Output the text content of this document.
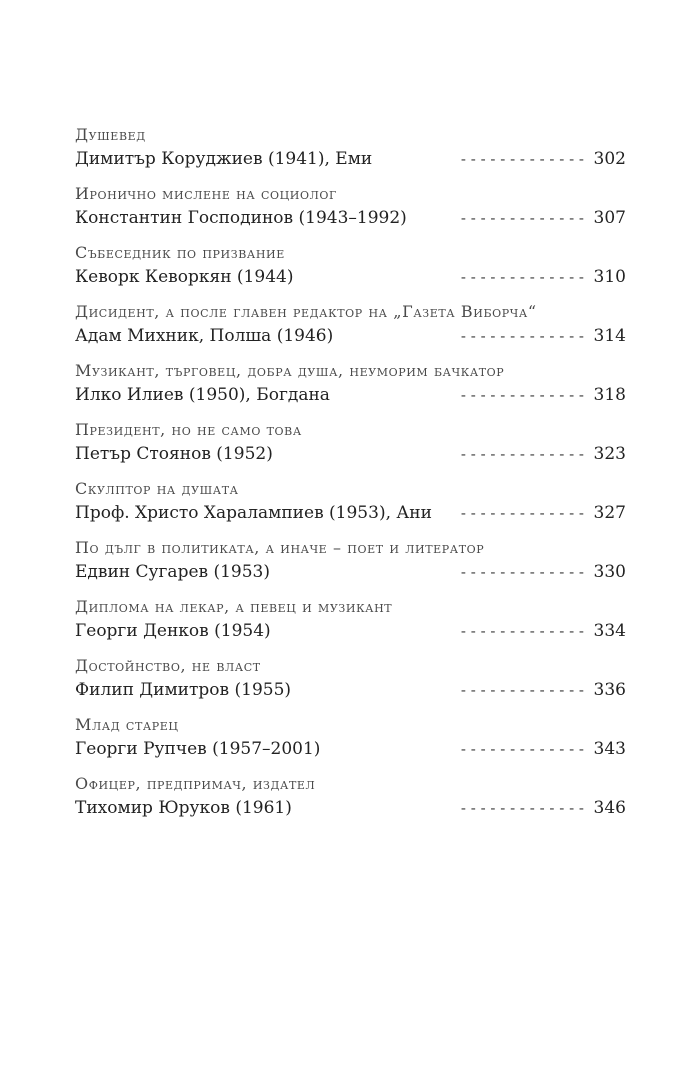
Душевед
Димитър Коруджиев (1941), Еми	- - - - - - - - - - - - - 302
Иронично мислене на социолог
Константин Господинов (1943–1992)	- - - - - - - - - - - - - 307
Събеседник по призвание
Кеворк Кеворкян (1944)	- - - - - - - - - - - - - 310
Дисидент, а после главен редактор на „Газета Виборча“
Адам Михник, Полша (1946)	- - - - - - - - - - - - - 314
Музикант, търговец, добра душа, неуморим бачкатор
Илко Илиев (1950), Богдана	- - - - - - - - - - - - - 318
Президент, но не само това
Петър Стоянов (1952)	- - - - - - - - - - - - - 323
Скулптор на душата
Проф. Христо Харалампиев (1953), Ани	- - - - - - - - - - - - - 327
По дълг в политиката, а иначе – поет и литератор
Едвин Сугарев (1953)	- - - - - - - - - - - - - 330
Диплома на лекар, а певец и музикант
Георги Денков (1954)	- - - - - - - - - - - - - 334
Достойнство, не власт
Филип Димитров (1955)	- - - - - - - - - - - - - 336
Млад старец
Георги Рупчев (1957–2001)	- - - - - - - - - - - - - 343
Офицер, предпримач, издател
Тихомир Юруков (1961)	- - - - - - - - - - - - - 346
